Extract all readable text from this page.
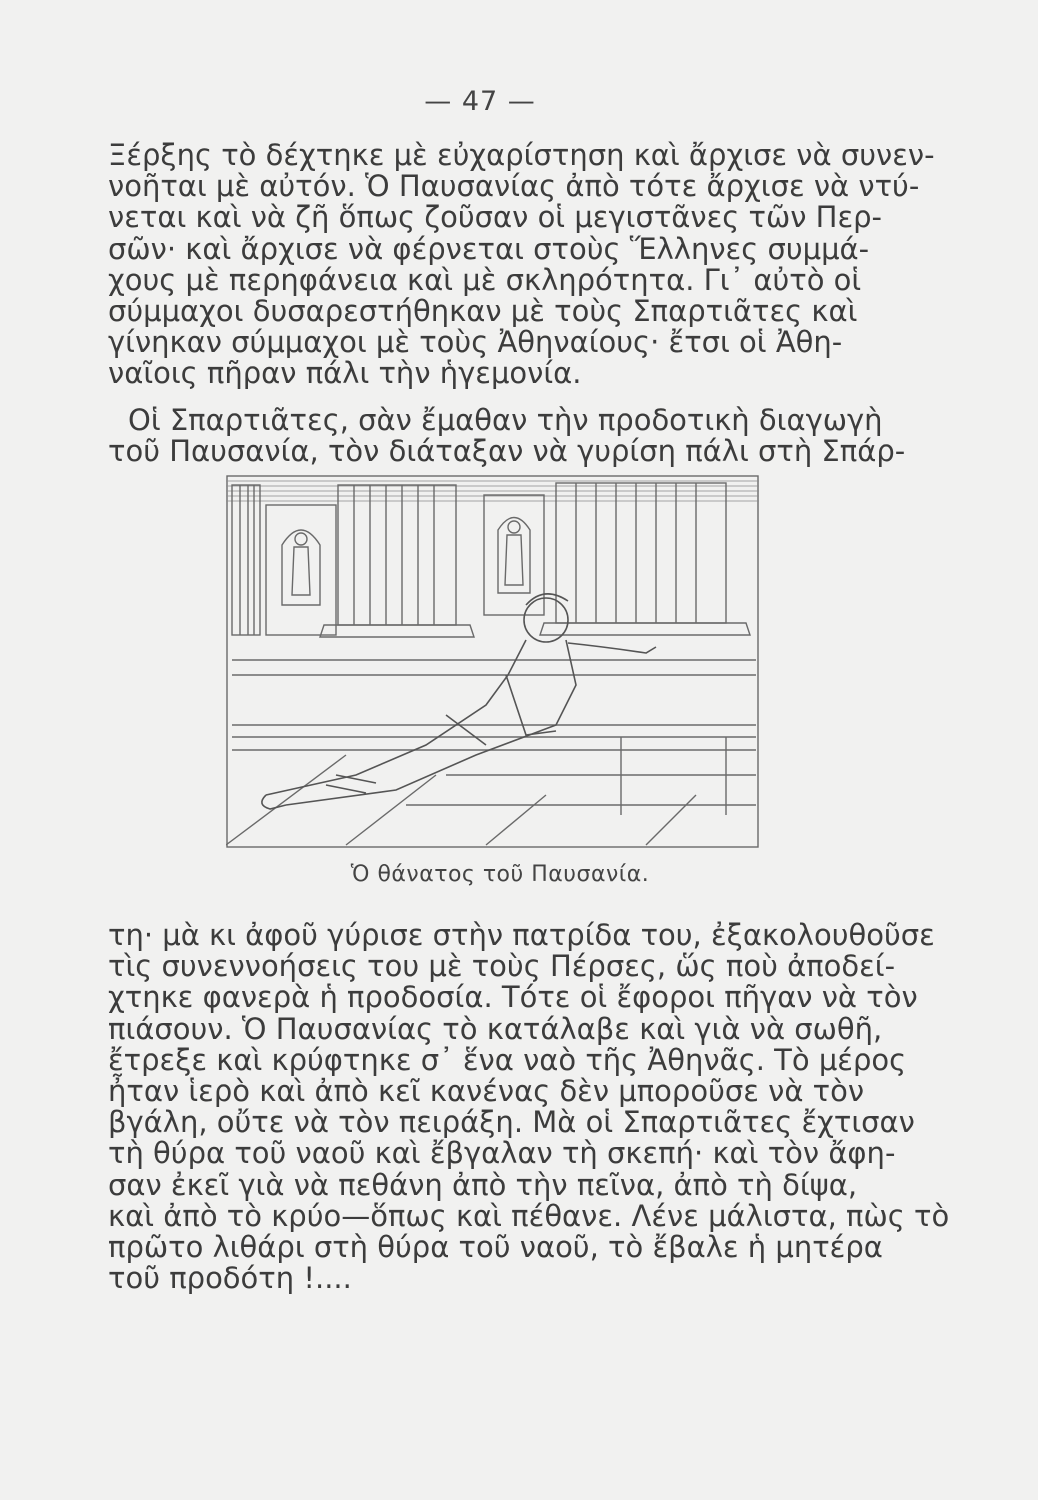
— 47 —

Ξέρξης τὸ δέχτηκε μὲ εὐχαρίστηση καὶ ἄρχισε νὰ συνεν-
νοῆται μὲ αὐτόν. Ὁ Παυσανίας ἀπὸ τότε ἄρχισε νὰ ντύ-
νεται καὶ νὰ ζῆ ὅπως ζοῦσαν οἱ μεγιστᾶνες τῶν Περ-
σῶν· καὶ ἄρχισε νὰ φέρνεται στοὺς Ἕλληνες συμμά-
χους μὲ περηφάνεια καὶ μὲ σκληρότητα. Γι᾽ αὐτὸ οἱ
σύμμαχοι δυσαρεστήθηκαν μὲ τοὺς Σπαρτιᾶτες καὶ
γίνηκαν σύμμαχοι μὲ τοὺς Ἀθηναίους· ἔτσι οἱ Ἀθη-
ναῖοις πῆραν πάλι τὴν ἡγεμονία.

Οἱ Σπαρτιᾶτες, σὰν ἔμαθαν τὴν προδοτικὴ διαγωγὴ
τοῦ Παυσανία, τὸν διάταξαν νὰ γυρίση πάλι στὴ Σπάρ-

Ὁ θάνατος τοῦ Παυσανία.

τη· μὰ κι ἀφοῦ γύρισε στὴν πατρίδα του, ἐξακολουθοῦσε
τὶς συνεννοήσεις του μὲ τοὺς Πέρσες, ὥς ποὺ ἀποδεί-
χτηκε φανερὰ ἡ προδοσία. Τότε οἱ ἔφοροι πῆγαν νὰ τὸν
πιάσουν. Ὁ Παυσανίας τὸ κατάλαβε καὶ γιὰ νὰ σωθῆ,
ἔτρεξε καὶ κρύφτηκε σ᾽ ἕνα ναὸ τῆς Ἀθηνᾶς. Τὸ μέρος
ἦταν ἱερὸ καὶ ἀπὸ κεῖ κανένας δὲν μποροῦσε νὰ τὸν
βγάλη, οὔτε νὰ τὸν πειράξη. Μὰ οἱ Σπαρτιᾶτες ἔχτισαν
τὴ θύρα τοῦ ναοῦ καὶ ἔβγαλαν τὴ σκεπή· καὶ τὸν ἄφη-
σαν ἐκεῖ γιὰ νὰ πεθάνη ἀπὸ τὴν πεῖνα, ἀπὸ τὴ δίψα,
καὶ ἀπὸ τὸ κρύο—ὅπως καὶ πέθανε. Λένε μάλιστα, πὼς τὸ
πρῶτο λιθάρι στὴ θύρα τοῦ ναοῦ, τὸ ἔβαλε ἡ μητέρα
τοῦ προδότη !....
